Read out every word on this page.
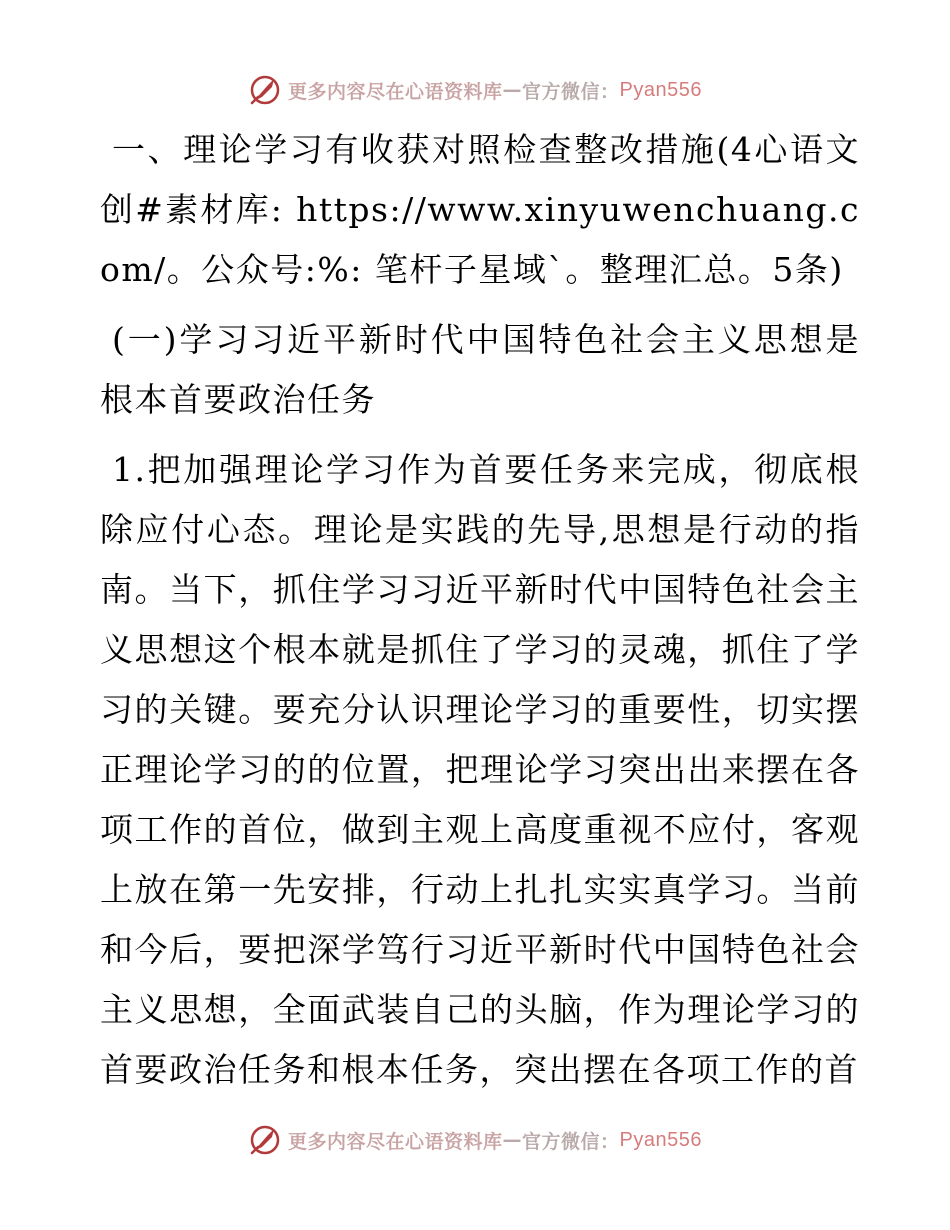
更多内容尽在心语资料库 — 官方微信： Pyan556

一、理论学习有收获对照检查整改措施(4心语文创#素材库: https://www.xinyuwenchuang.com/。公众号:%: 笔杆子星域`。整理汇总。5条)

(一)学习习近平新时代中国特色社会主义思想是根本首要政治任务

1.把加强理论学习作为首要任务来完成，彻底根除应付心态。理论是实践的先导,思想是行动的指南。当下，抓住学习习近平新时代中国特色社会主义思想这个根本就是抓住了学习的灵魂，抓住了学习的关键。要充分认识理论学习的重要性，切实摆正理论学习的的位置，把理论学习突出出来摆在各项工作的首位，做到主观上高度重视不应付，客观上放在第一先安排，行动上扎扎实实真学习。当前和今后，要把深学笃行习近平新时代中国特色社会主义思想，全面武装自己的头脑，作为理论学习的首要政治任务和根本任务，突出摆在各项工作的首

更多内容尽在心语资料库 — 官方微信： Pyan556
